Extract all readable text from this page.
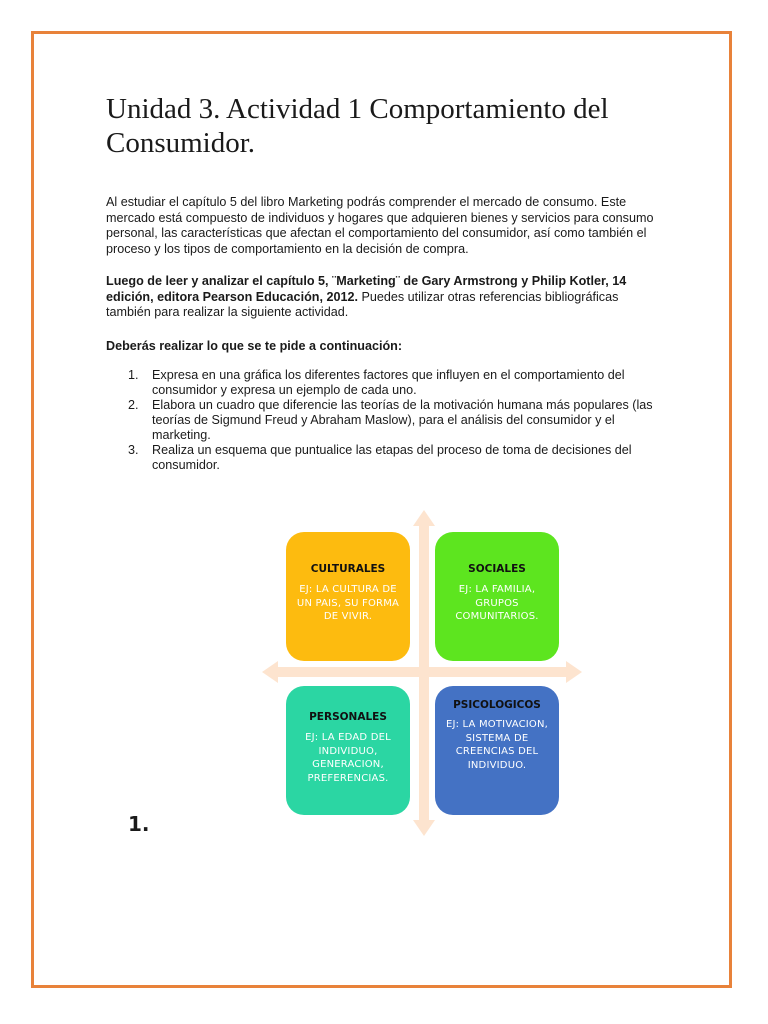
Unidad 3. Actividad 1 Comportamiento del Consumidor.

Al estudiar el capítulo 5 del libro Marketing podrás comprender el mercado de consumo. Este mercado está compuesto de individuos y hogares que adquieren bienes y servicios para consumo personal, las características que afectan el comportamiento del consumidor, así como también el proceso y los tipos de comportamiento en la decisión de compra.

Luego de leer y analizar el capítulo 5, ¨Marketing¨ de Gary Armstrong y Philip Kotler, 14 edición, editora Pearson Educación, 2012. Puedes utilizar otras referencias bibliográficas también para realizar la siguiente actividad.

Deberás realizar lo que se te pide a continuación:

1. Expresa en una gráfica los diferentes factores que influyen en el comportamiento del consumidor y expresa un ejemplo de cada uno.
2. Elabora un cuadro que diferencie las teorías de la motivación humana más populares (las teorías de Sigmund Freud y Abraham Maslow), para el análisis del consumidor y el marketing.
3. Realiza un esquema que puntualice las etapas del proceso de toma de decisiones del consumidor.
CULTURALES
EJ: LA CULTURA DE UN PAIS, SU FORMA DE VIVIR.
SOCIALES
EJ: LA FAMILIA, GRUPOS COMUNITARIOS.
PERSONALES
EJ: LA EDAD DEL INDIVIDUO, GENERACION, PREFERENCIAS.
PSICOLOGICOS
EJ: LA MOTIVACION, SISTEMA DE CREENCIAS DEL INDIVIDUO.
1.
